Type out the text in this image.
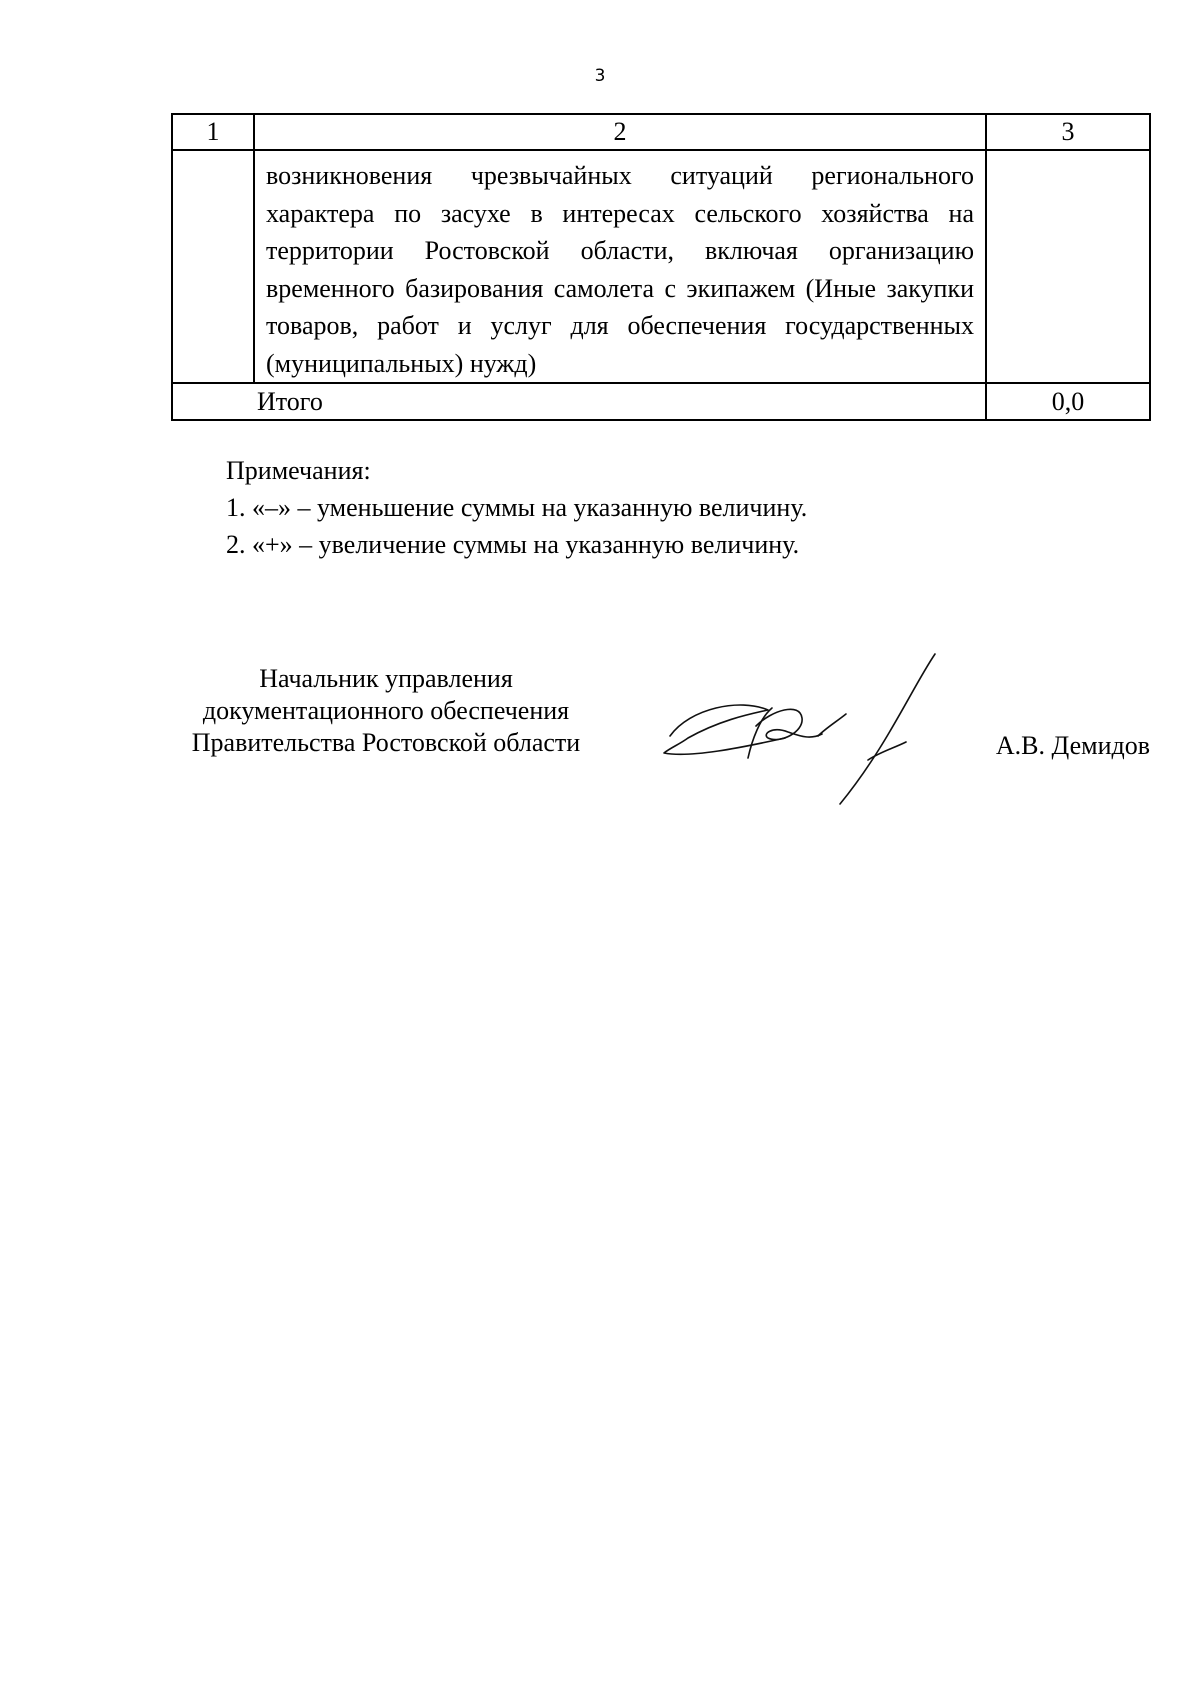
3
1	2	3

	возникновения чрезвычайных ситуаций регионального характера по засухе в интересах сельского хозяйства на территории Ростовской области, включая организацию временного базирования самолета с экипажем (Иные закупки товаров, работ и услуг для обеспечения государственных (муниципальных) нужд)	

Итого		0,0
Примечания:
1. «–» – уменьшение суммы на указанную величину.
2. «+» – увеличение суммы на указанную величину.
Начальник управления
документационного обеспечения
Правительства Ростовской области	А.В. Демидов
